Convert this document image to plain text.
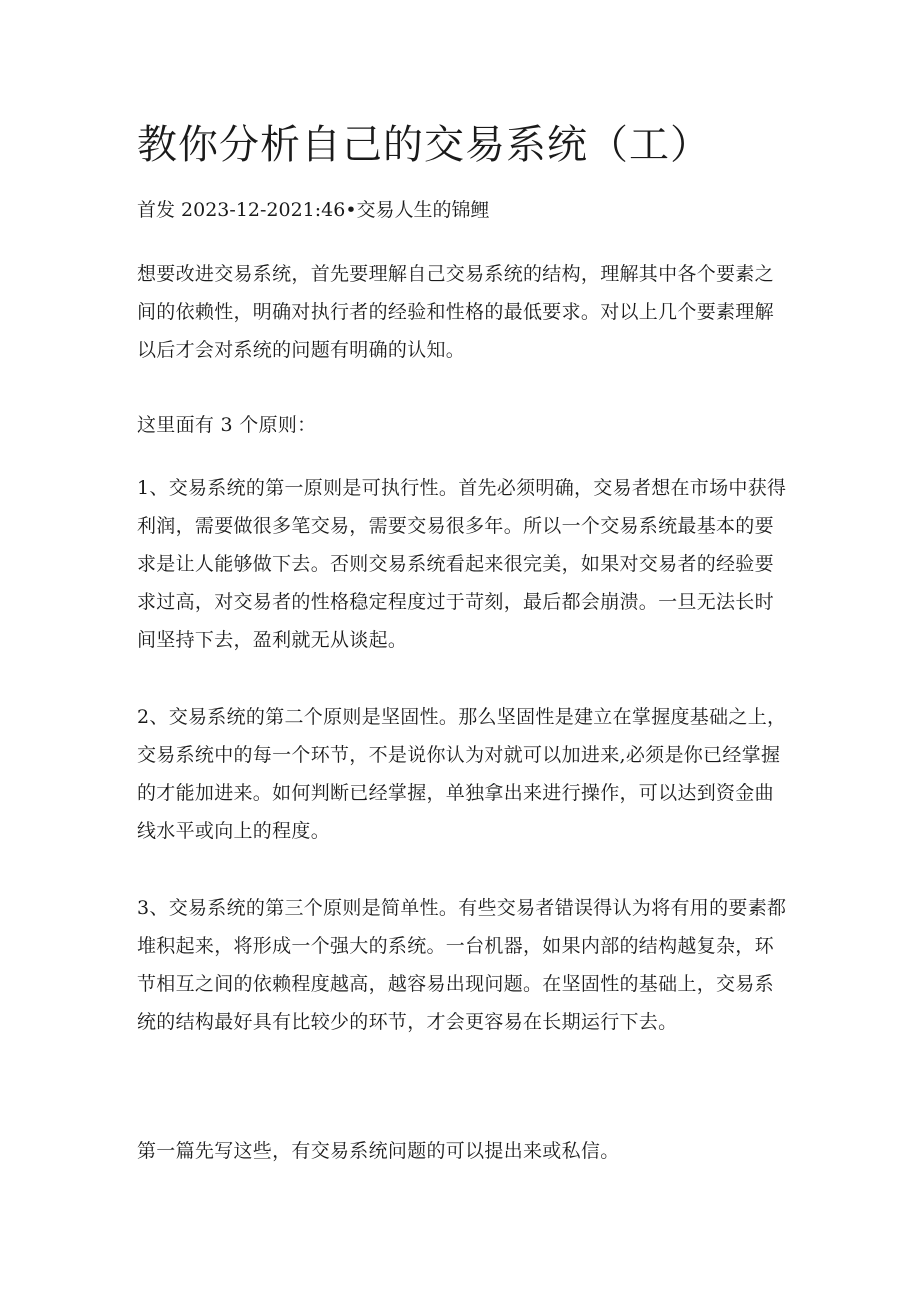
教你分析自己的交易系统（工）
首发 2023-12-2021:46•交易人生的锦鲤

想要改进交易系统，首先要理解自己交易系统的结构，理解其中各个要素之间的依赖性，明确对执行者的经验和性格的最低要求。对以上几个要素理解以后才会对系统的问题有明确的认知。

这里面有 3 个原则：

1、交易系统的第一原则是可执行性。首先必须明确，交易者想在市场中获得利润，需要做很多笔交易，需要交易很多年。所以一个交易系统最基本的要求是让人能够做下去。否则交易系统看起来很完美，如果对交易者的经验要求过高，对交易者的性格稳定程度过于苛刻，最后都会崩溃。一旦无法长时间坚持下去，盈利就无从谈起。

2、交易系统的第二个原则是坚固性。那么坚固性是建立在掌握度基础之上，交易系统中的每一个环节，不是说你认为对就可以加进来,必须是你已经掌握的才能加进来。如何判断已经掌握，单独拿出来进行操作，可以达到资金曲线水平或向上的程度。

3、交易系统的第三个原则是简单性。有些交易者错误得认为将有用的要素都堆积起来，将形成一个强大的系统。一台机器，如果内部的结构越复杂，环节相互之间的依赖程度越高，越容易出现问题。在坚固性的基础上，交易系统的结构最好具有比较少的环节，才会更容易在长期运行下去。

第一篇先写这些，有交易系统问题的可以提出来或私信。
